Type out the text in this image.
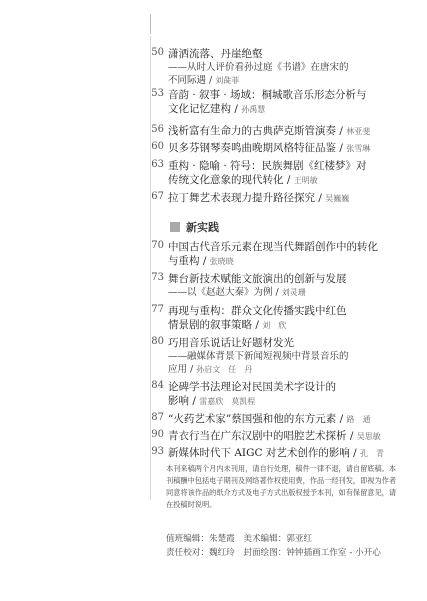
50 潇洒流落、丹崖绝壑
——从时人评价看孙过庭《书谱》在唐宋的
不同际遇 / 刘彘菲
53 音韵 · 叙事 · 场域：桐城歌音乐形态分析与
文化记忆建构 / 孙禹慧
56 浅析富有生命力的古典萨克斯管演奏 / 林亚斐
60 贝多芬钢琴奏鸣曲晚期风格特征品鉴 / 张雪琳
63 重构 · 隐喻 · 符号：民族舞剧《红楼梦》对
传统文化意象的现代转化 / 王明敏
67 拉丁舞艺术表现力提升路径探究 / 吴巍巍
新实践
70 中国古代音乐元素在现当代舞蹈创作中的转化
与重构 / 张晓晓
73 舞台新技术赋能文旅演出的创新与发展
——以《赵赵大秦》为例 / 刘灵珊
77 再现与重构：群众文化传播实践中红色
情景剧的叙事策略 / 刘　欣
80 巧用音乐说话让好题材发光
——融媒体背景下新闻短视频中背景音乐的
应用 / 孙启文　任　丹
84 论碑学书法理论对民国美术字设计的
影响 / 雷嘉欣　莫凯程
87 “火药艺术家”蔡国强和他的东方元素 / 路　通
90 青衣行当在广东汉剧中的唱腔艺术探析 / 吴思敏
93 新媒体时代下 AIGC 对艺术创作的影响 / 孔　青
本刊来稿两个月内未刊用，请自行处理，稿件一律不退，请自留底稿。本刊稿酬中包括电子期刊及网络著作权使用费，作品一经刊发，即视为作者同意将该作品的纸介方式及电子方式出版权授予本刊，如有保留意见，请在投稿时说明。
值班编辑：朱楚霞　美术编辑：郭亚红
责任校对：魏红玲　封面绘图：钟钟插画工作室 - 小开心
